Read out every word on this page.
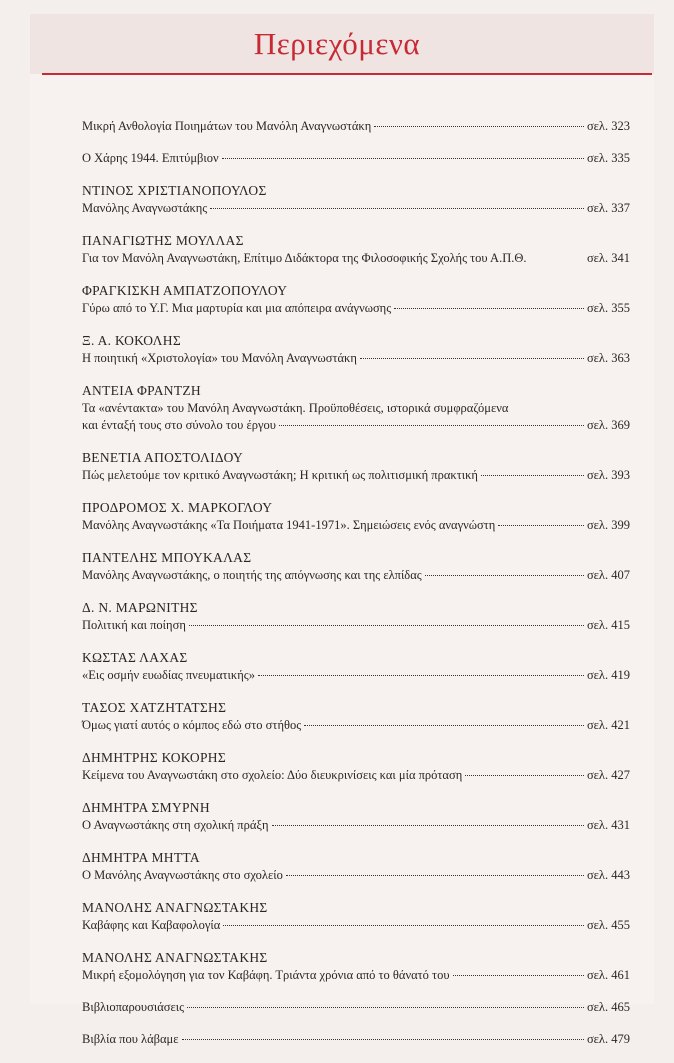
Περιεχόμενα
Μικρή Ανθολογία Ποιημάτων του Μανόλη Αναγνωστάκη	σελ. 323
Ο Χάρης 1944. Επιτύμβιον	σελ. 335
ΝΤΙΝΟΣ ΧΡΙΣΤΙΑΝΟΠΟΥΛΟΣ
Μανόλης Αναγνωστάκης	σελ. 337
ΠΑΝΑΓΙΩΤΗΣ ΜΟΥΛΛΑΣ
Για τον Μανόλη Αναγνωστάκη, Επίτιμο Διδάκτορα της Φιλοσοφικής Σχολής του Α.Π.Θ.	σελ. 341
ΦΡΑΓΚΙΣΚΗ ΑΜΠΑΤΖΟΠΟΥΛΟΥ
Γύρω από το Υ.Γ. Μια μαρτυρία και μια απόπειρα ανάγνωσης	σελ. 355
Ξ. Α. ΚΟΚΟΛΗΣ
Η ποιητική «Χριστολογία» του Μανόλη Αναγνωστάκη	σελ. 363
ΑΝΤΕΙΑ ΦΡΑΝΤΖΗ
Τα «ανέντακτα» του Μανόλη Αναγνωστάκη. Προϋποθέσεις, ιστορικά συμφραζόμενα
και ένταξή τους στο σύνολο του έργου	σελ. 369
ΒΕΝΕΤΙΑ ΑΠΟΣΤΟΛΙΔΟΥ
Πώς μελετούμε τον κριτικό Αναγνωστάκη; Η κριτική ως πολιτισμική πρακτική	σελ. 393
ΠΡΟΔΡΟΜΟΣ Χ. ΜΑΡΚΟΓΛΟΥ
Μανόλης Αναγνωστάκης «Τα Ποιήματα 1941-1971». Σημειώσεις ενός αναγνώστη	σελ. 399
ΠΑΝΤΕΛΗΣ ΜΠΟΥΚΑΛΑΣ
Μανόλης Αναγνωστάκης, ο ποιητής της απόγνωσης και της ελπίδας	σελ. 407
Δ. Ν. ΜΑΡΩΝΙΤΗΣ
Πολιτική και ποίηση	σελ. 415
ΚΩΣΤΑΣ ΛΑΧΑΣ
«Εις οσμήν ευωδίας πνευματικής»	σελ. 419
ΤΑΣΟΣ ΧΑΤΖΗΤΑΤΣΗΣ
Όμως γιατί αυτός ο κόμπος εδώ στο στήθος	σελ. 421
ΔΗΜΗΤΡΗΣ ΚΟΚΟΡΗΣ
Κείμενα του Αναγνωστάκη στο σχολείο: Δύο διευκρινίσεις και μία πρόταση	σελ. 427
ΔΗΜΗΤΡΑ ΣΜΥΡΝΗ
Ο Αναγνωστάκης στη σχολική πράξη	σελ. 431
ΔΗΜΗΤΡΑ ΜΗΤΤΑ
Ο Μανόλης Αναγνωστάκης στο σχολείο	σελ. 443
ΜΑΝΟΛΗΣ ΑΝΑΓΝΩΣΤΑΚΗΣ
Καβάφης και Καβαφολογία	σελ. 455
ΜΑΝΟΛΗΣ ΑΝΑΓΝΩΣΤΑΚΗΣ
Μικρή εξομολόγηση για τον Καβάφη. Τριάντα χρόνια από το θάνατό του	σελ. 461
Βιβλιοπαρουσιάσεις	σελ. 465
Βιβλία που λάβαμε	σελ. 479
